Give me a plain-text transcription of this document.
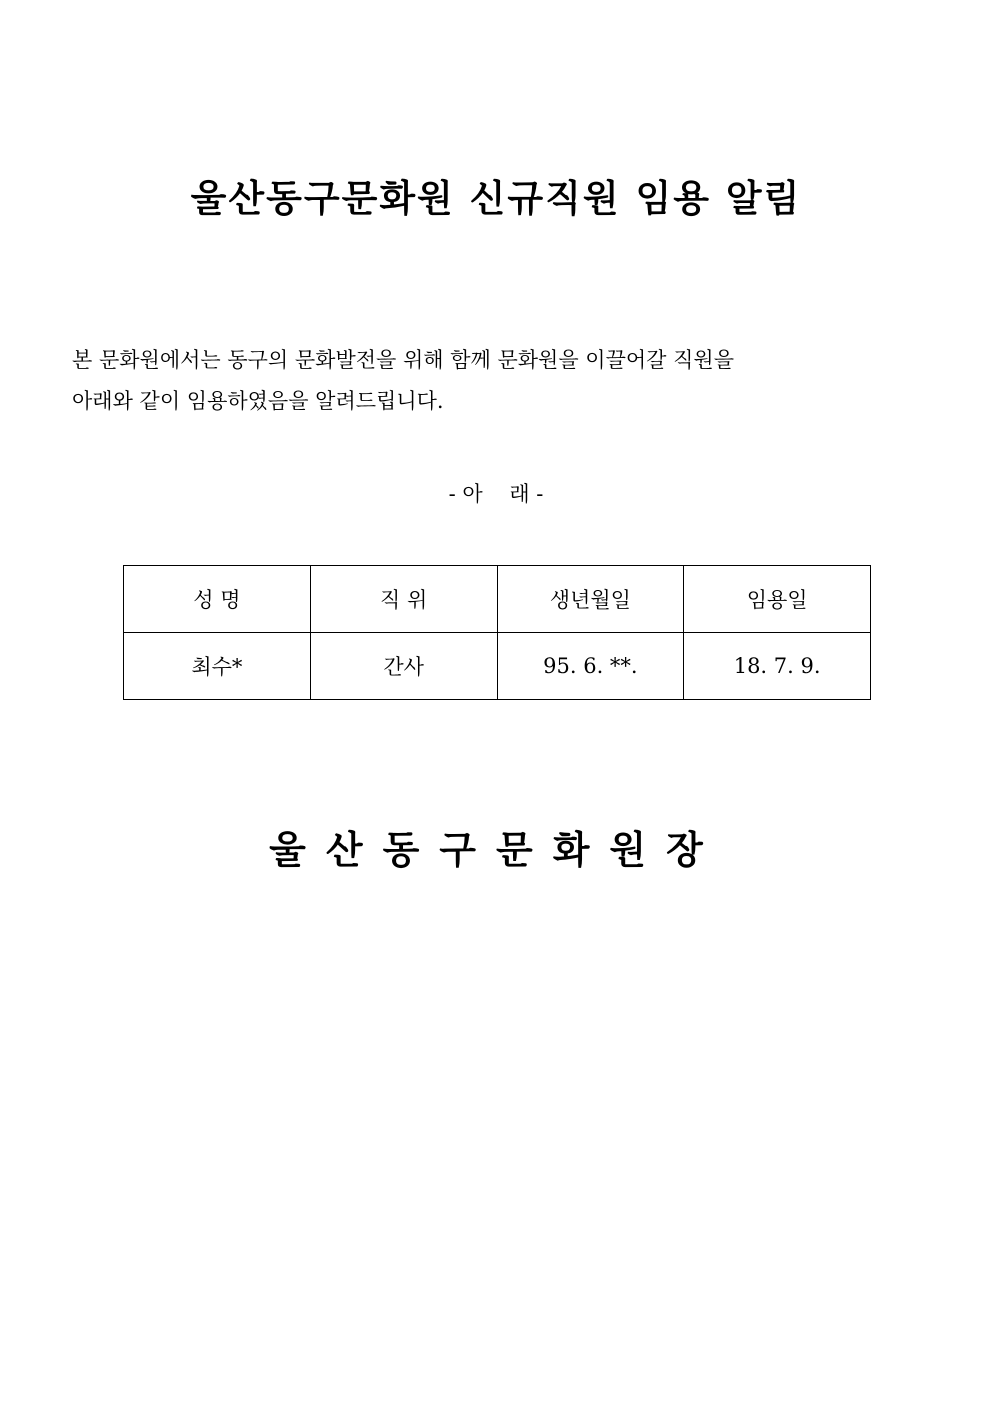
울산동구문화원 신규직원 임용 알림

본 문화원에서는 동구의 문화발전을 위해 함께 문화원을 이끌어갈 직원을

아래와 같이 임용하였음을 알려드립니다.

- 아    래 -
성 명	직 위	생년월일	임용일
최수*	간사	95. 6. **.	18. 7. 9.
울산동구문화원장
